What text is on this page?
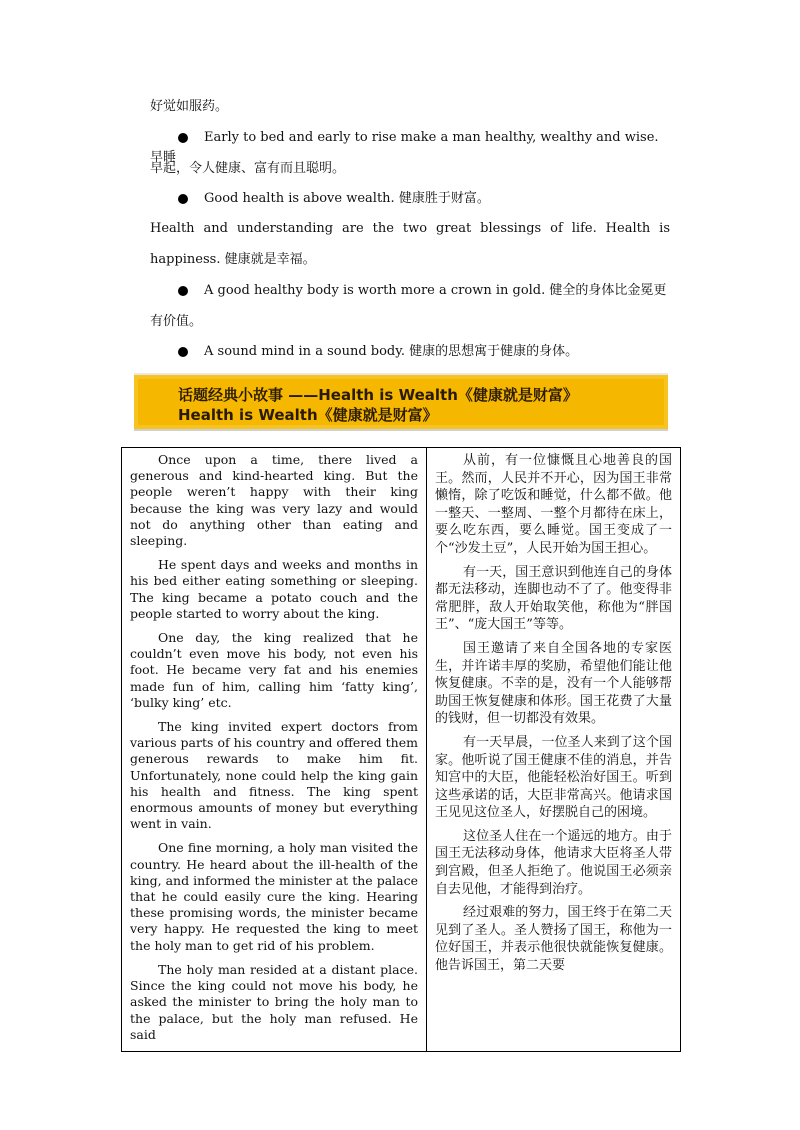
好觉如服药。
Early to bed and early to rise make a man healthy, wealthy and wise.早睡
早起，令人健康、富有而且聪明。
Good health is above wealth. 健康胜于财富。
Health and understanding are the two great blessings of life. Health is
happiness. 健康就是幸福。
A good healthy body is worth more a crown in gold. 健全的身体比金冕更
有价值。
A sound mind in a sound body. 健康的思想寓于健康的身体。
话题经典小故事 ——Health is Wealth《健康就是财富》
Health is Wealth《健康就是财富》

Once upon a time, there lived a generous and kind-hearted king. But the people weren’t happy with their king because the king was very lazy and would not do anything other than eating and sleeping.

He spent days and weeks and months in his bed either eating something or sleeping. The king became a potato couch and the people started to worry about the king.

One day, the king realized that he couldn’t even move his body, not even his foot. He became very fat and his enemies made fun of him, calling him ‘fatty king’, ‘bulky king’ etc.

The king invited expert doctors from various parts of his country and offered them generous rewards to make him fit. Unfortunately, none could help the king gain his health and fitness. The king spent enormous amounts of money but everything went in vain.

One fine morning, a holy man visited the country. He heard about the ill-health of the king, and informed the minister at the palace that he could easily cure the king. Hearing these promising words, the minister became very happy. He requested the king to meet the holy man to get rid of his problem.

The holy man resided at a distant place. Since the king could not move his body, he asked the minister to bring the holy man to the palace, but the holy man refused. He said

从前，有一位慷慨且心地善良的国王。然而，人民并不开心，因为国王非常懒惰，除了吃饭和睡觉，什么都不做。他一整天、一整周、一整个月都待在床上，要么吃东西，要么睡觉。国王变成了一个“沙发土豆”，人民开始为国王担心。

有一天，国王意识到他连自己的身体都无法移动，连脚也动不了了。他变得非常肥胖，敌人开始取笑他，称他为“胖国王”、“庞大国王”等等。

国王邀请了来自全国各地的专家医生，并许诺丰厚的奖励，希望他们能让他恢复健康。不幸的是，没有一个人能够帮助国王恢复健康和体形。国王花费了大量的钱财，但一切都没有效果。

有一天早晨，一位圣人来到了这个国家。他听说了国王健康不佳的消息，并告知宫中的大臣，他能轻松治好国王。听到这些承诺的话，大臣非常高兴。他请求国王见见这位圣人，好摆脱自己的困境。

这位圣人住在一个遥远的地方。由于国王无法移动身体，他请求大臣将圣人带到宫殿，但圣人拒绝了。他说国王必须亲自去见他，才能得到治疗。

经过艰难的努力，国王终于在第二天见到了圣人。圣人赞扬了国王，称他为一位好国王，并表示他很快就能恢复健康。他告诉国王，第二天要
